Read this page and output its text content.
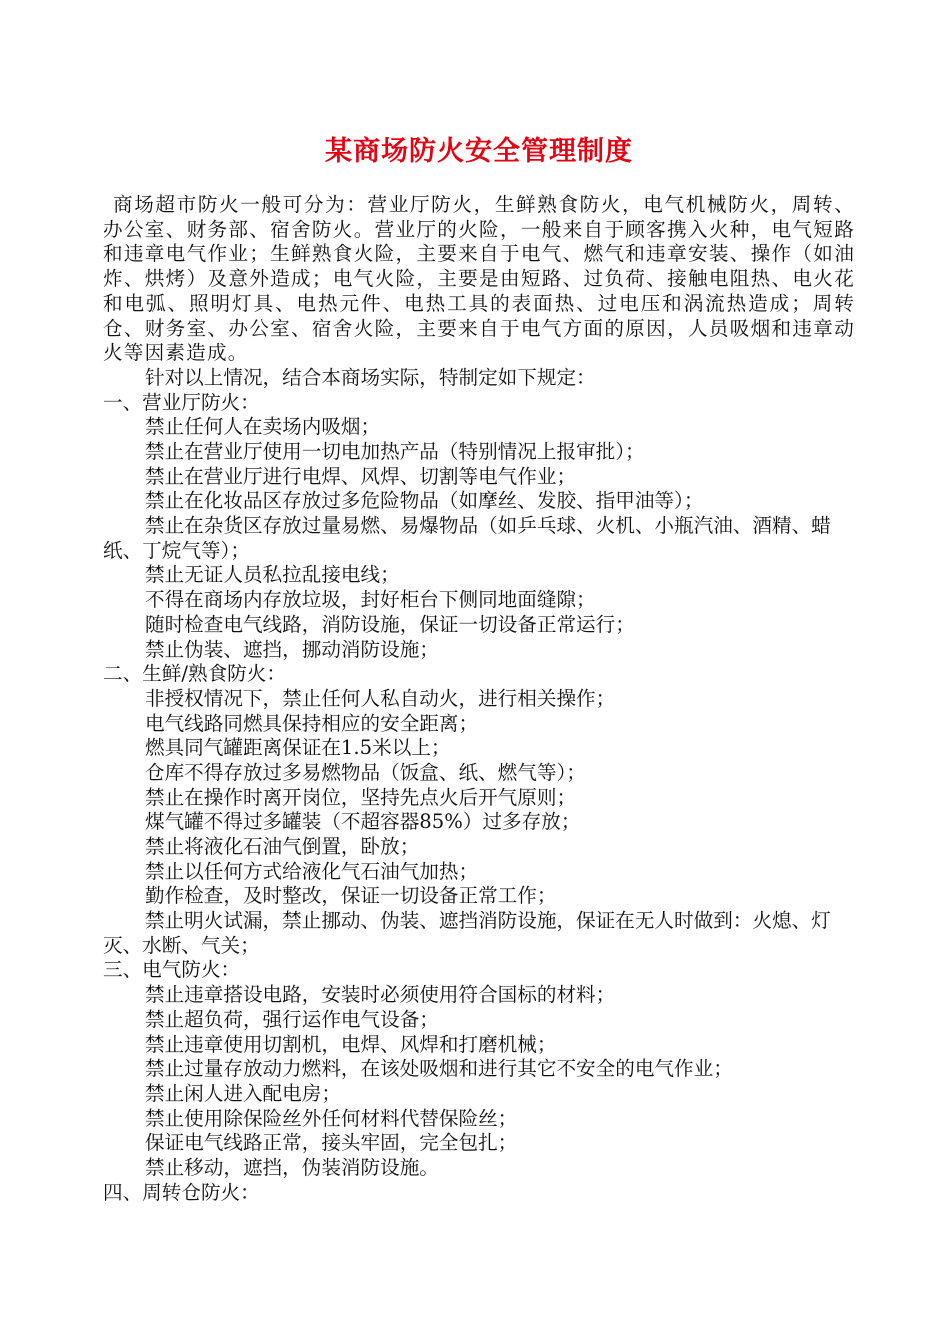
某商场防火安全管理制度

商场超市防火一般可分为：营业厅防火，生鲜熟食防火，电气机械防火，周转、办公室、财务部、宿舍防火。营业厅的火险，一般来自于顾客携入火种，电气短路和违章电气作业；生鲜熟食火险，主要来自于电气、燃气和违章安装、操作（如油炸、烘烤）及意外造成；电气火险，主要是由短路、过负荷、接触电阻热、电火花和电弧、照明灯具、电热元件、电热工具的表面热、过电压和涡流热造成；周转仓、财务室、办公室、宿舍火险，主要来自于电气方面的原因，人员吸烟和违章动火等因素造成。

针对以上情况，结合本商场实际，特制定如下规定：
一、营业厅防火：
禁止任何人在卖场内吸烟；
禁止在营业厅使用一切电加热产品（特别情况上报审批）；
禁止在营业厅进行电焊、风焊、切割等电气作业；
禁止在化妆品区存放过多危险物品（如摩丝、发胶、指甲油等）；

禁止在杂货区存放过量易燃、易爆物品（如乒乓球、火机、小瓶汽油、酒精、蜡纸、丁烷气等）；

禁止无证人员私拉乱接电线；
不得在商场内存放垃圾，封好柜台下侧同地面缝隙；
随时检查电气线路，消防设施，保证一切设备正常运行；
禁止伪装、遮挡，挪动消防设施；
二、生鲜/熟食防火：
非授权情况下，禁止任何人私自动火，进行相关操作；
电气线路同燃具保持相应的安全距离；
燃具同气罐距离保证在1.5米以上；
仓库不得存放过多易燃物品（饭盒、纸、燃气等）；
禁止在操作时离开岗位，坚持先点火后开气原则；
煤气罐不得过多罐装（不超容器85%）过多存放；
禁止将液化石油气倒置，卧放；
禁止以任何方式给液化气石油气加热；
勤作检查，及时整改，保证一切设备正常工作；

禁止明火试漏，禁止挪动、伪装、遮挡消防设施，保证在无人时做到：火熄、灯灭、水断、气关；

三、电气防火：
禁止违章搭设电路，安装时必须使用符合国标的材料；
禁止超负荷，强行运作电气设备；
禁止违章使用切割机，电焊、风焊和打磨机械；
禁止过量存放动力燃料，在该处吸烟和进行其它不安全的电气作业；
禁止闲人进入配电房；
禁止使用除保险丝外任何材料代替保险丝；
保证电气线路正常，接头牢固，完全包扎；
禁止移动，遮挡，伪装消防设施。
四、周转仓防火：
